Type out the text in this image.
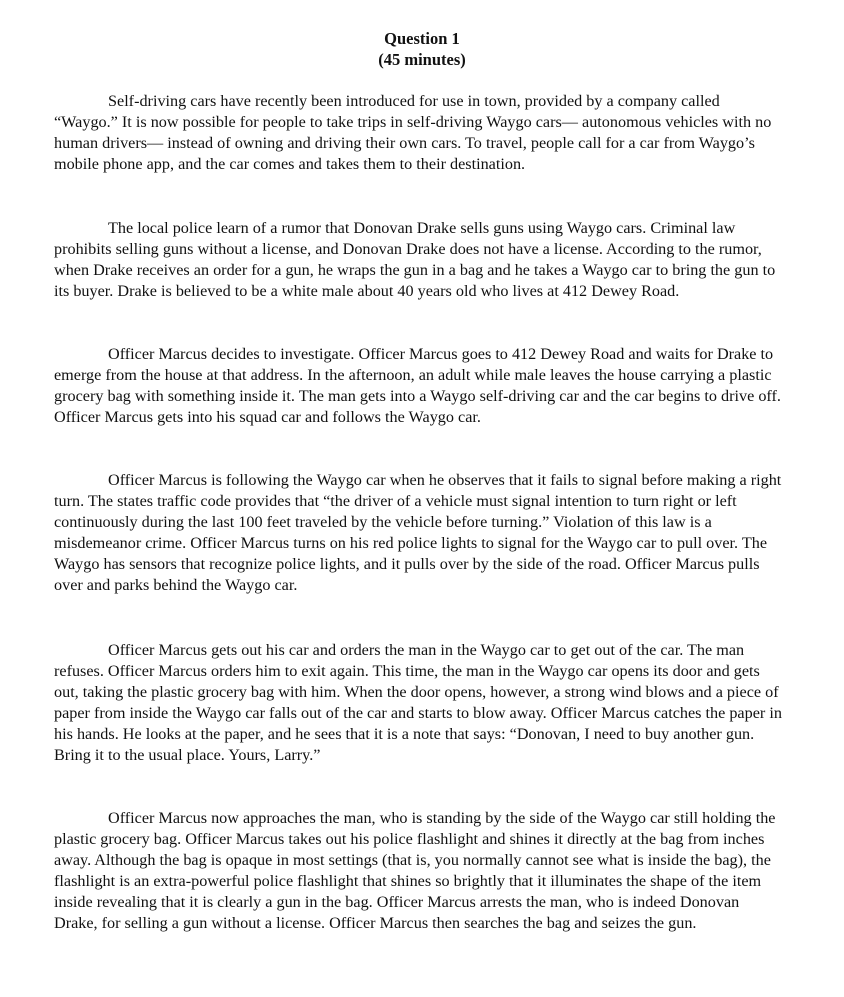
Question 1
(45 minutes)

Self-driving cars have recently been introduced for use in town, provided by a company called “Waygo.” It is now possible for people to take trips in self-driving Waygo cars— autonomous vehicles with no human drivers— instead of owning and driving their own cars. To travel, people call for a car from Waygo’s mobile phone app, and the car comes and takes them to their destination.

The local police learn of a rumor that Donovan Drake sells guns using Waygo cars. Criminal law prohibits selling guns without a license, and Donovan Drake does not have a license. According to the rumor, when Drake receives an order for a gun, he wraps the gun in a bag and he takes a Waygo car to bring the gun to its buyer. Drake is believed to be a white male about 40 years old who lives at 412 Dewey Road.

Officer Marcus decides to investigate. Officer Marcus goes to 412 Dewey Road and waits for Drake to emerge from the house at that address. In the afternoon, an adult while male leaves the house carrying a plastic grocery bag with something inside it. The man gets into a Waygo self-driving car and the car begins to drive off. Officer Marcus gets into his squad car and follows the Waygo car.

Officer Marcus is following the Waygo car when he observes that it fails to signal before making a right turn. The states traffic code provides that “the driver of a vehicle must signal intention to turn right or left continuously during the last 100 feet traveled by the vehicle before turning.” Violation of this law is a misdemeanor crime. Officer Marcus turns on his red police lights to signal for the Waygo car to pull over. The Waygo has sensors that recognize police lights, and it pulls over by the side of the road. Officer Marcus pulls over and parks behind the Waygo car.

Officer Marcus gets out his car and orders the man in the Waygo car to get out of the car. The man refuses. Officer Marcus orders him to exit again. This time, the man in the Waygo car opens its door and gets out, taking the plastic grocery bag with him. When the door opens, however, a strong wind blows and a piece of paper from inside the Waygo car falls out of the car and starts to blow away. Officer Marcus catches the paper in his hands. He looks at the paper, and he sees that it is a note that says: “Donovan, I need to buy another gun. Bring it to the usual place. Yours, Larry.”

Officer Marcus now approaches the man, who is standing by the side of the Waygo car still holding the plastic grocery bag. Officer Marcus takes out his police flashlight and shines it directly at the bag from inches away. Although the bag is opaque in most settings (that is, you normally cannot see what is inside the bag), the flashlight is an extra-powerful police flashlight that shines so brightly that it illuminates the shape of the item inside revealing that it is clearly a gun in the bag. Officer Marcus arrests the man, who is indeed Donovan Drake, for selling a gun without a license. Officer Marcus then searches the bag and seizes the gun.
